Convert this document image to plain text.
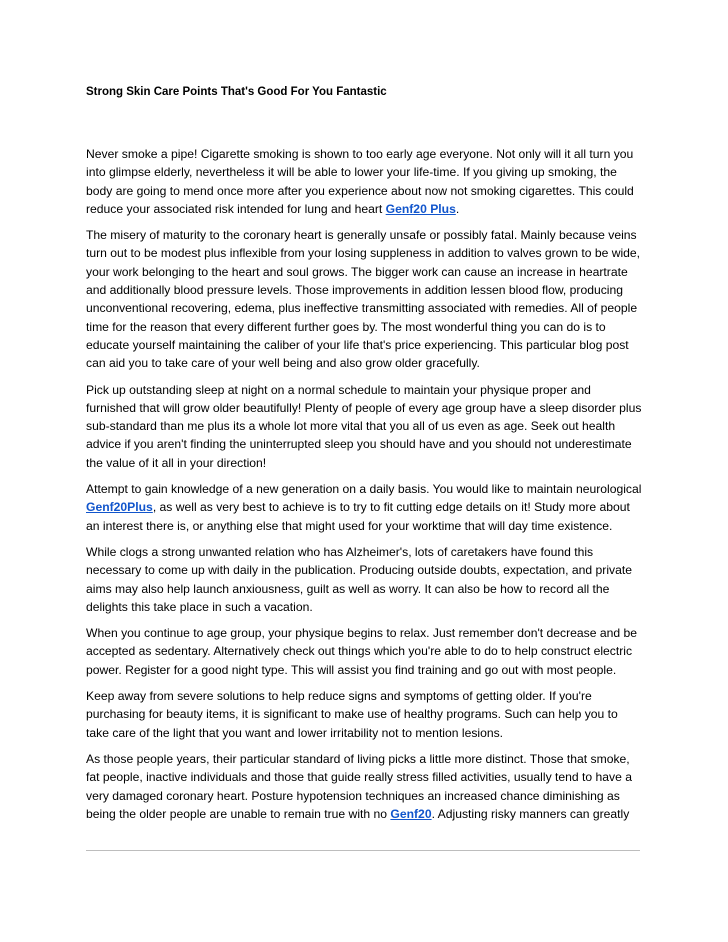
Strong Skin Care Points That's Good For You Fantastic

Never smoke a pipe! Cigarette smoking is shown to too early age everyone. Not only will it all turn you into glimpse elderly, nevertheless it will be able to lower your life-time. If you giving up smoking, the body are going to mend once more after you experience about now not smoking cigarettes. This could reduce your associated risk intended for lung and heart Genf20 Plus.

The misery of maturity to the coronary heart is generally unsafe or possibly fatal. Mainly because veins turn out to be modest plus inflexible from your losing suppleness in addition to valves grown to be wide, your work belonging to the heart and soul grows. The bigger work can cause an increase in heartrate and additionally blood pressure levels. Those improvements in addition lessen blood flow, producing unconventional recovering, edema, plus ineffective transmitting associated with remedies. All of people time for the reason that every different further goes by. The most wonderful thing you can do is to educate yourself maintaining the caliber of your life that's price experiencing. This particular blog post can aid you to take care of your well being and also grow older gracefully.

Pick up outstanding sleep at night on a normal schedule to maintain your physique proper and furnished that will grow older beautifully! Plenty of people of every age group have a sleep disorder plus sub-standard than me plus its a whole lot more vital that you all of us even as age. Seek out health advice if you aren't finding the uninterrupted sleep you should have and you should not underestimate the value of it all in your direction!

Attempt to gain knowledge of a new generation on a daily basis. You would like to maintain neurological Genf20Plus, as well as very best to achieve is to try to fit cutting edge details on it! Study more about an interest there is, or anything else that might used for your worktime that will day time existence.

While clogs a strong unwanted relation who has Alzheimer's, lots of caretakers have found this necessary to come up with daily in the publication. Producing outside doubts, expectation, and private aims may also help launch anxiousness, guilt as well as worry. It can also be how to record all the delights this take place in such a vacation.

When you continue to age group, your physique begins to relax. Just remember don't decrease and be accepted as sedentary. Alternatively check out things which you're able to do to help construct electric power. Register for a good night type. This will assist you find training and go out with most people.

Keep away from severe solutions to help reduce signs and symptoms of getting older. If you're purchasing for beauty items, it is significant to make use of healthy programs. Such can help you to take care of the light that you want and lower irritability not to mention lesions.

As those people years, their particular standard of living picks a little more distinct. Those that smoke, fat people, inactive individuals and those that guide really stress filled activities, usually tend to have a very damaged coronary heart. Posture hypotension techniques an increased chance diminishing as being the older people are unable to remain true with no Genf20. Adjusting risky manners can greatly
